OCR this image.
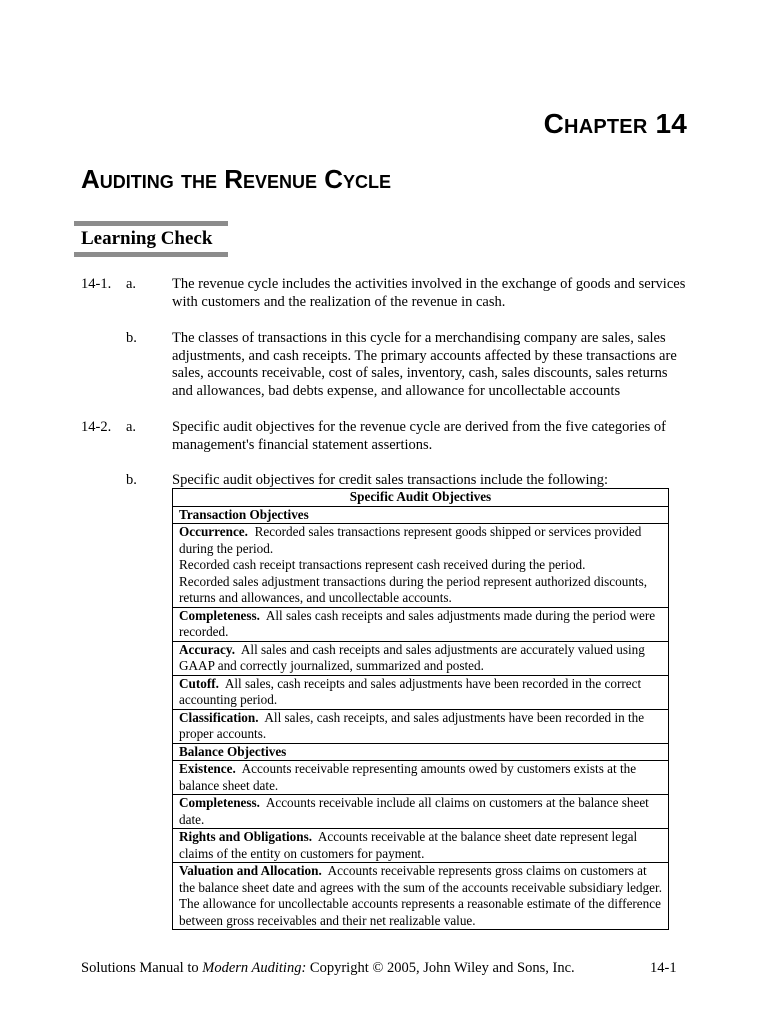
Chapter 14
Auditing the Revenue Cycle
Learning Check
14-1. a. The revenue cycle includes the activities involved in the exchange of goods and services with customers and the realization of the revenue in cash.
b. The classes of transactions in this cycle for a merchandising company are sales, sales adjustments, and cash receipts. The primary accounts affected by these transactions are sales, accounts receivable, cost of sales, inventory, cash, sales discounts, sales returns and allowances, bad debts expense, and allowance for uncollectable accounts
14-2. a. Specific audit objectives for the revenue cycle are derived from the five categories of management's financial statement assertions.
b. Specific audit objectives for credit sales transactions include the following:
Specific Audit Objectives
Transaction Objectives

Occurrence. Recorded sales transactions represent goods shipped or services provided during the period.
Recorded cash receipt transactions represent cash received during the period.
Recorded sales adjustment transactions during the period represent authorized discounts, returns and allowances, and uncollectable accounts.

Completeness. All sales cash receipts and sales adjustments made during the period were recorded.
Accuracy. All sales and cash receipts and sales adjustments are accurately valued using GAAP and correctly journalized, summarized and posted.
Cutoff. All sales, cash receipts and sales adjustments have been recorded in the correct accounting period.
Classification. All sales, cash receipts, and sales adjustments have been recorded in the proper accounts.
Balance Objectives
Existence. Accounts receivable representing amounts owed by customers exists at the balance sheet date.
Completeness. Accounts receivable include all claims on customers at the balance sheet date.
Rights and Obligations. Accounts receivable at the balance sheet date represent legal claims of the entity on customers for payment.
Valuation and Allocation. Accounts receivable represents gross claims on customers at the balance sheet date and agrees with the sum of the accounts receivable subsidiary ledger. The allowance for uncollectable accounts represents a reasonable estimate of the difference between gross receivables and their net realizable value.
Solutions Manual to Modern Auditing: Copyright © 2005, John Wiley and Sons, Inc.	14-1
